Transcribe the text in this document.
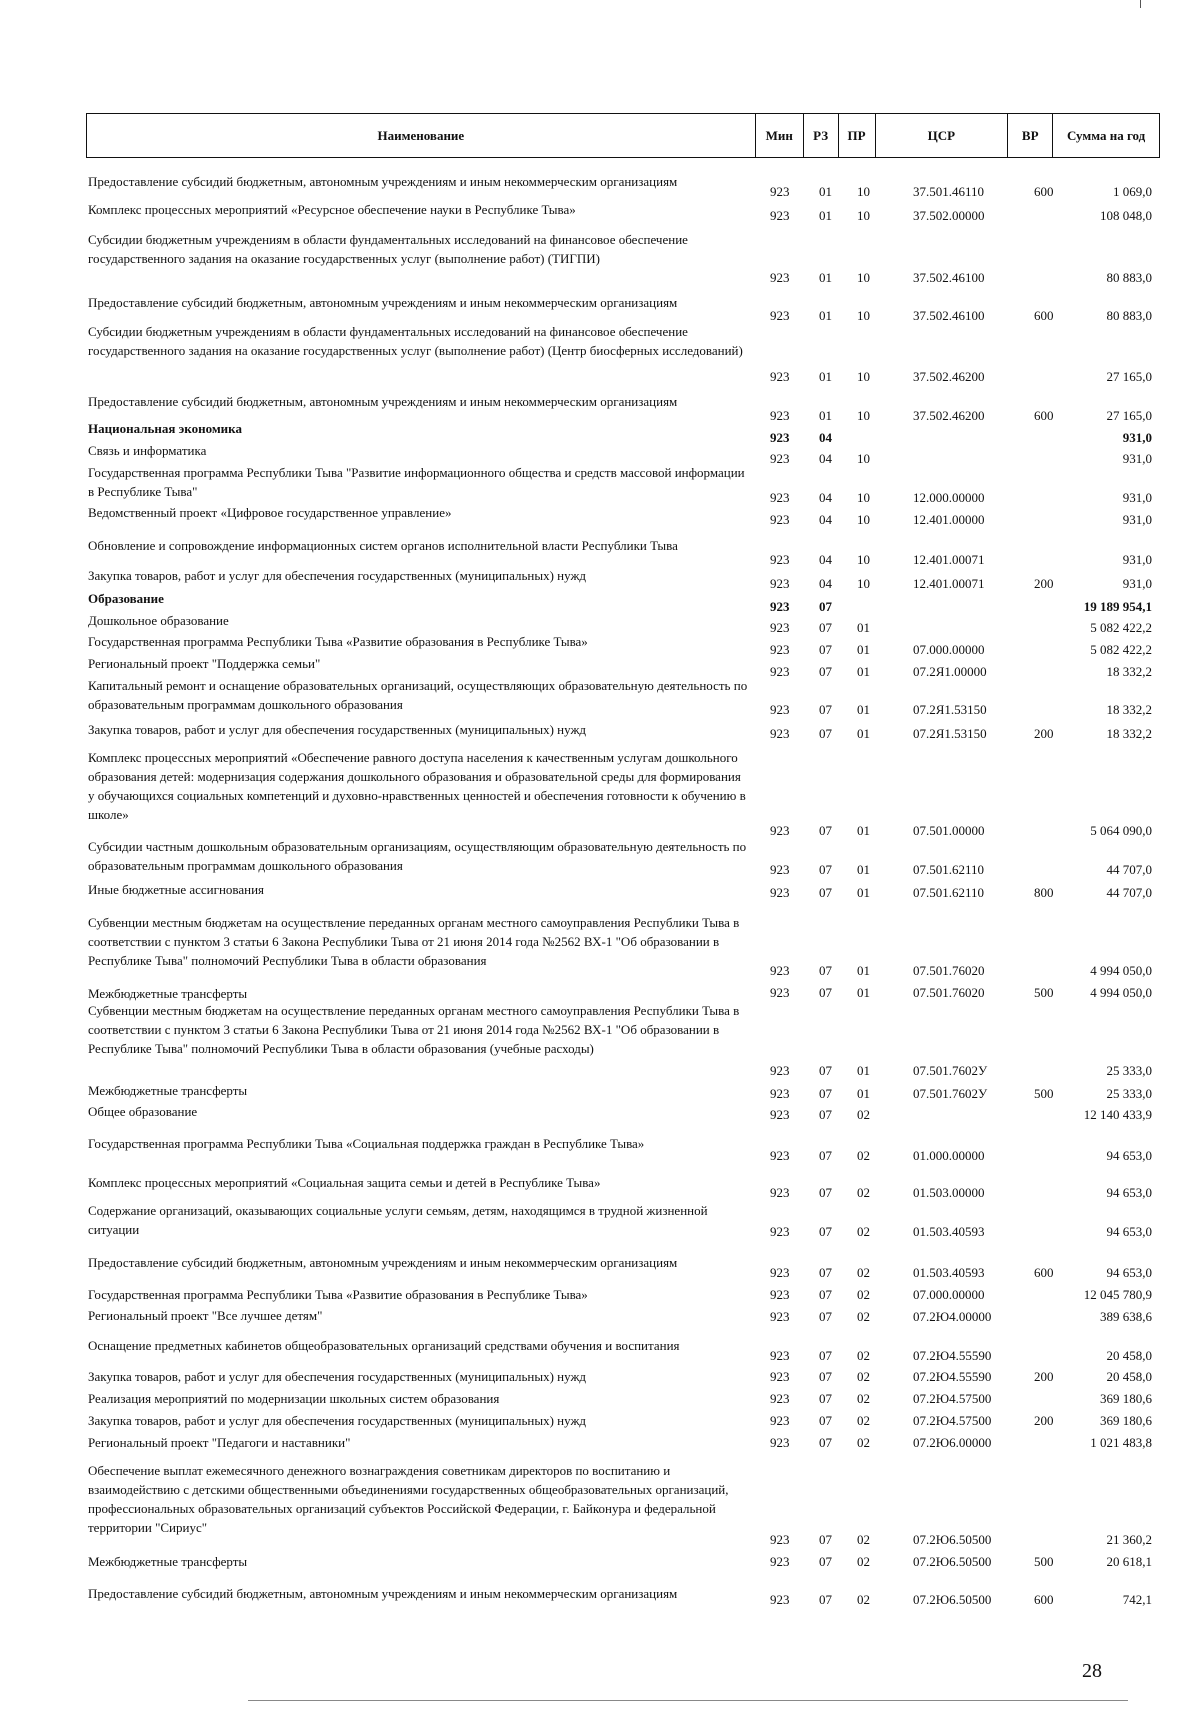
Наименование	Мин	РЗ	ПР	ЦСР	ВР	Сумма на год
Предоставление субсидий бюджетным, автономным учреждениям и иным некоммерческим организациям
923 01 10	37.501.46110	600	1 069,0
Комплекс процессных мероприятий «Ресурсное обеспечение науки в Республике Тыва»	923 01 10	37.502.00000	108 048,0
Субсидии бюджетным учреждениям в области фундаментальных исследований на финансовое обеспечение государственного задания на оказание государственных услуг (выполнение работ) (ТИГПИ)
923 01 10	37.502.46100	80 883,0
Предоставление субсидий бюджетным, автономным учреждениям и иным некоммерческим организациям
923 01 10	37.502.46100	600	80 883,0
Субсидии бюджетным учреждениям в области фундаментальных исследований на финансовое обеспечение государственного задания на оказание государственных услуг (выполнение работ) (Центр биосферных исследований)
923 01 10	37.502.46200	27 165,0
Предоставление субсидий бюджетным, автономным учреждениям и иным некоммерческим организациям
923 01 10	37.502.46200	600	27 165,0
Национальная экономика
923 04	931,0
Связь и информатика
923 04 10	931,0
Государственная программа Республики Тыва "Развитие информационного общества и средств массовой информации в Республике Тыва"	923 04 10	12.000.00000	931,0
Ведомственный проект «Цифровое государственное управление»	923 04 10	12.401.00000	931,0
Обновление и сопровождение информационных систем органов исполнительной власти Республики Тыва
923 04 10	12.401.00071	931,0
Закупка товаров, работ и услуг для обеспечения государственных (муниципальных) нужд
923 04 10	12.401.00071	200	931,0
Образование
923 07	19 189 954,1
Дошкольное образование	923 07 01	5 082 422,2
Государственная программа Республики Тыва «Развитие образования в Республике Тыва»
923 07 01	07.000.00000	5 082 422,2
Региональный проект "Поддержка семьи"
923 07 01	07.2Я1.00000	18 332,2
Капитальный ремонт и оснащение образовательных организаций, осуществляющих образовательную деятельность по образовательным программам дошкольного образования	923 07 01	07.2Я1.53150	18 332,2
Закупка товаров, работ и услуг для обеспечения государственных (муниципальных) нужд	923 07 01	07.2Я1.53150	200	18 332,2
Комплекс процессных мероприятий «Обеспечение равного доступа населения к качественным услугам дошкольного образования детей: модернизация содержания дошкольного образования и образовательной среды для формирования у обучающихся социальных компетенций и духовно-нравственных ценностей и обеспечения готовности к обучению в школе»
923 07 01	07.501.00000	5 064 090,0
Субсидии частным дошкольным образовательным организациям, осуществляющим образовательную деятельность по образовательным программам дошкольного образования	923 07 01	07.501.62110	44 707,0
Иные бюджетные ассигнования	923 07 01	07.501.62110	800	44 707,0
Субвенции местным бюджетам на осуществление переданных органам местного самоуправления Республики Тыва в соответствии с пунктом 3 статьи 6 Закона Республики Тыва от 21 июня 2014 года №2562 ВХ-1 "Об образовании в Республике Тыва" полномочий Республики Тыва в области образования
923 07 01	07.501.76020	4 994 050,0
Межбюджетные трансферты	923 07 01	07.501.76020	500	4 994 050,0
Субвенции местным бюджетам на осуществление переданных органам местного самоуправления Республики Тыва в соответствии с пунктом 3 статьи 6 Закона Республики Тыва от 21 июня 2014 года №2562 ВХ-1 "Об образовании в Республике Тыва" полномочий Республики Тыва в области образования (учебные расходы)
923 07 01	07.501.7602У	25 333,0
Межбюджетные трансферты	923 07 01	07.501.7602У	500	25 333,0
Общее образование	923 07 02	12 140 433,9
Государственная программа Республики Тыва «Социальная поддержка граждан в Республике Тыва»
923 07 02	01.000.00000	94 653,0
Комплекс процессных мероприятий «Социальная защита семьи и детей в Республике Тыва»
923 07 02	01.503.00000	94 653,0
Содержание организаций, оказывающих социальные услуги семьям, детям, находящимся в трудной жизненной ситуации	923 07 02	01.503.40593	94 653,0
Предоставление субсидий бюджетным, автономным учреждениям и иным некоммерческим организациям
923 07 02	01.503.40593	600	94 653,0
Государственная программа Республики Тыва «Развитие образования в Республике Тыва»	923 07 02	07.000.00000	12 045 780,9
Региональный проект "Все лучшее детям"	923 07 02	07.2Ю4.00000	389 638,6
Оснащение предметных кабинетов общеобразовательных организаций средствами обучения и воспитания
923 07 02	07.2Ю4.55590	20 458,0
Закупка товаров, работ и услуг для обеспечения государственных (муниципальных) нужд	923 07 02	07.2Ю4.55590	200	20 458,0
Реализация мероприятий по модернизации школьных систем образования	923 07 02	07.2Ю4.57500	369 180,6
Закупка товаров, работ и услуг для обеспечения государственных (муниципальных) нужд	923 07 02	07.2Ю4.57500	200	369 180,6
Региональный проект "Педагоги и наставники"	923 07 02	07.2Ю6.00000	1 021 483,8
Обеспечение выплат ежемесячного денежного вознаграждения советникам директоров по воспитанию и взаимодействию с детскими общественными объединениями государственных общеобразовательных организаций, профессиональных образовательных организаций субъектов Российской Федерации, г. Байконура и федеральной территории "Сириус"
923 07 02	07.2Ю6.50500	21 360,2
Межбюджетные трансферты	923 07 02	07.2Ю6.50500	500	20 618,1
Предоставление субсидий бюджетным, автономным учреждениям и иным некоммерческим организациям	923 07 02	07.2Ю6.50500	600	742,1
28
